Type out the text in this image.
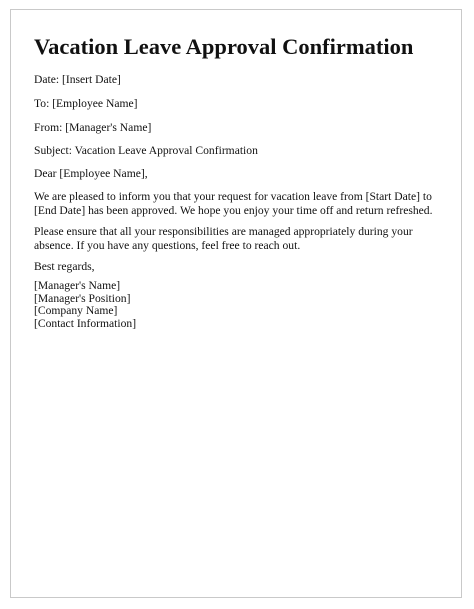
Vacation Leave Approval Confirmation

Date: [Insert Date]

To: [Employee Name]

From: [Manager's Name]

Subject: Vacation Leave Approval Confirmation

Dear [Employee Name],

We are pleased to inform you that your request for vacation leave from [Start Date] to [End Date] has been approved. We hope you enjoy your time off and return refreshed.

Please ensure that all your responsibilities are managed appropriately during your absence. If you have any questions, feel free to reach out.

Best regards,

[Manager's Name]
[Manager's Position]
[Company Name]
[Contact Information]
